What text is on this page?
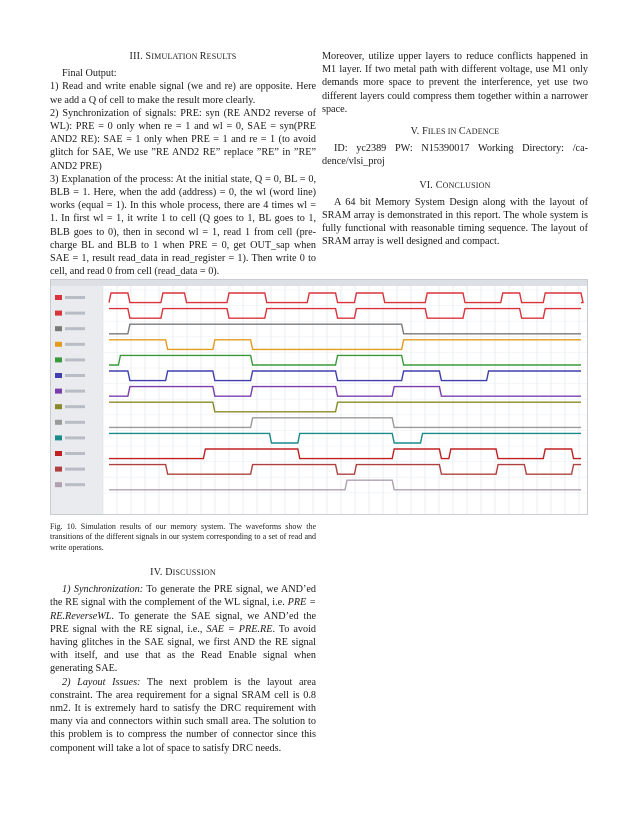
III. SIMULATION RESULTS

Final Output:

1) Read and write enable signal (we and re) are opposite. Here we add a Q of cell to make the result more clearly.

2) Synchronization of signals: PRE: syn (RE AND2 reverse of WL): PRE = 0 only when re = 1 and wl = 0, SAE = syn(PRE AND2 RE): SAE = 1 only when PRE = 1 and re = 1 (to avoid glitch for SAE, We use ”RE AND2 RE” replace ”RE” in ”RE” AND2 PRE)

3) Explanation of the process: At the initial state, Q = 0, BL = 0, BLB = 1. Here, when the add (address) = 0, the wl (word line) works (equal = 1). In this whole process, there are 4 times wl = 1. In first wl = 1, it write 1 to cell (Q goes to 1, BL goes to 1, BLB goes to 0), then in second wl = 1, read 1 from cell (pre-charge BL and BLB to 1 when PRE = 0, get OUT_sap when SAE = 1, result read_data in read_register = 1). Then write 0 to cell, and read 0 from cell (read_data = 0).

Moreover, utilize upper layers to reduce conflicts happened in M1 layer. If two metal path with different voltage, use M1 only demands more space to prevent the interference, yet use two different layers could compress them together within a narrower space.

V. FILES IN CADENCE

ID: yc2389 PW: N15390017 Working Directory: /ca-dence/vlsi_proj

VI. CONCLUSION

A 64 bit Memory System Design along with the layout of SRAM array is demonstrated in this report. The whole system is fully functional with reasonable timing sequence. The layout of SRAM array is well designed and compact.

Fig. 10. Simulation results of our memory system. The waveforms show the transitions of the different signals in our system corresponding to a set of read and write operations.
IV. DISCUSSION

1) Synchronization: To generate the PRE signal, we AND’ed the RE signal with the complement of the WL signal, i.e. PRE = RE.ReverseWL. To generate the SAE signal, we AND’ed the PRE signal with the RE signal, i.e., SAE = PRE.RE. To avoid having glitches in the SAE signal, we first AND the RE signal with itself, and use that as the Read Enable signal when generating SAE.

2) Layout Issues: The next problem is the layout area constraint. The area requirement for a signal SRAM cell is 0.8 nm2. It is extremely hard to satisfy the DRC requirement with many via and connectors within such small area. The solution to this problem is to compress the number of connector since this component will take a lot of space to satisfy DRC needs.
